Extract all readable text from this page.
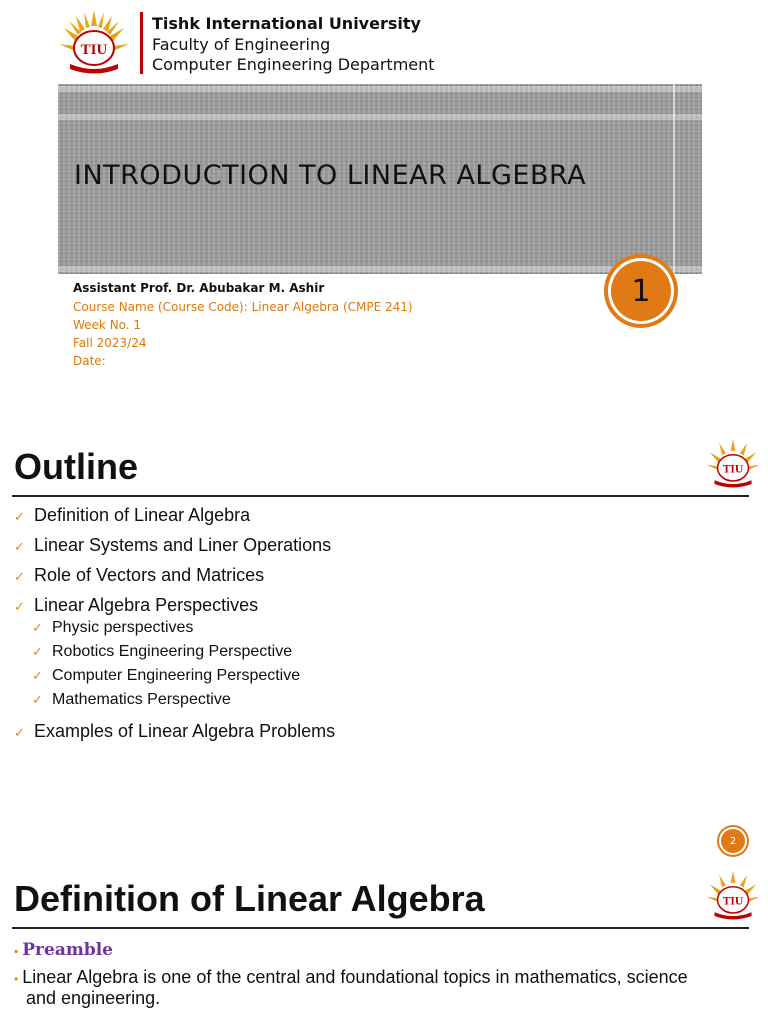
TIU
Tishk International University
Faculty of Engineering
Computer Engineering Department
INTRODUCTION TO LINEAR ALGEBRA
Assistant Prof. Dr. Abubakar M. Ashir
Course Name (Course Code): Linear Algebra (CMPE 241)
Week No. 1
Fall 2023/24
Date:
1
Outline	TIU
✓ Definition of Linear Algebra
✓ Linear Systems and Liner Operations
✓ Role of Vectors and Matrices
✓ Linear Algebra Perspectives
✓ Physic perspectives
✓ Robotics Engineering Perspective
✓ Computer Engineering Perspective
✓ Mathematics Perspective
✓ Examples of Linear Algebra Problems
2
Definition of Linear Algebra	TIU
▪ Preamble
• Linear Algebra is one of the central and foundational topics in mathematics, science
and engineering.
